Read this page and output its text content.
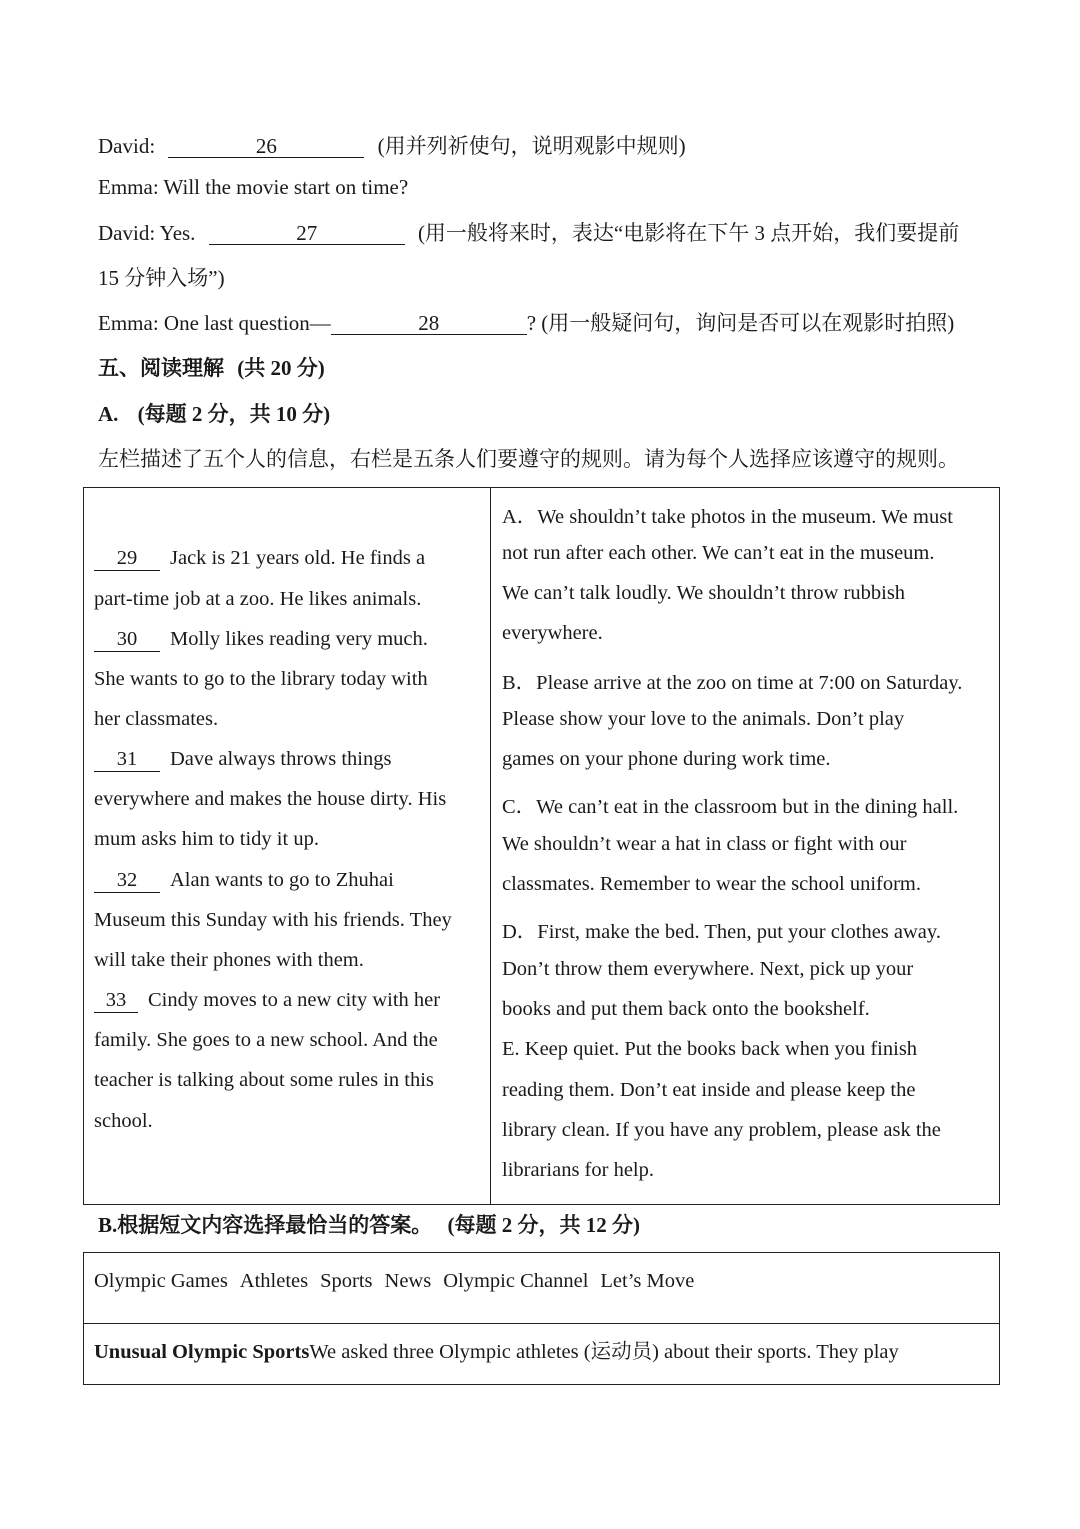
David:	26	(用并列祈使句，说明观影中规则)
Emma: Will the movie start on time?
David: Yes.	27	(用一般将来时，表达“电影将在下午 3 点开始，我们要提前
15 分钟入场”)
Emma: One last question—	28	? (用一般疑问句，询问是否可以在观影时拍照)
五、阅读理解 (共 20 分)
A. (每题 2 分，共 10 分)
左栏描述了五个人的信息，右栏是五条人们要遵守的规则。请为每个人选择应该遵守的规则。
29 Jack is 21 years old. He finds a
part-time job at a zoo. He likes animals.
30 Molly likes reading very much.
She wants to go to the library today with
her classmates.
31 Dave always throws things
everywhere and makes the house dirty. His
mum asks him to tidy it up.
32 Alan wants to go to Zhuhai
Museum this Sunday with his friends. They
will take their phones with them.
33 Cindy moves to a new city with her
family. She goes to a new school. And the
teacher is talking about some rules in this
school.
A．We shouldn’t take photos in the museum. We must
not run after each other. We can’t eat in the museum.
We can’t talk loudly. We shouldn’t throw rubbish
everywhere.
B．Please arrive at the zoo on time at 7:00 on Saturday.
Please show your love to the animals. Don’t play
games on your phone during work time.
C．We can’t eat in the classroom but in the dining hall.
We shouldn’t wear a hat in class or fight with our
classmates. Remember to wear the school uniform.
D．First, make the bed. Then, put your clothes away.
Don’t throw them everywhere. Next, pick up your
books and put them back onto the bookshelf.
E. Keep quiet. Put the books back when you finish
reading them. Don’t eat inside and please keep the
library clean. If you have any problem, please ask the
librarians for help.
B.根据短文内容选择最恰当的答案。 (每题 2 分，共 12 分)
Olympic Games Athletes Sports News Olympic Channel Let’s Move
Unusual Olympic SportsWe asked three Olympic athletes (运动员) about their sports. They play
